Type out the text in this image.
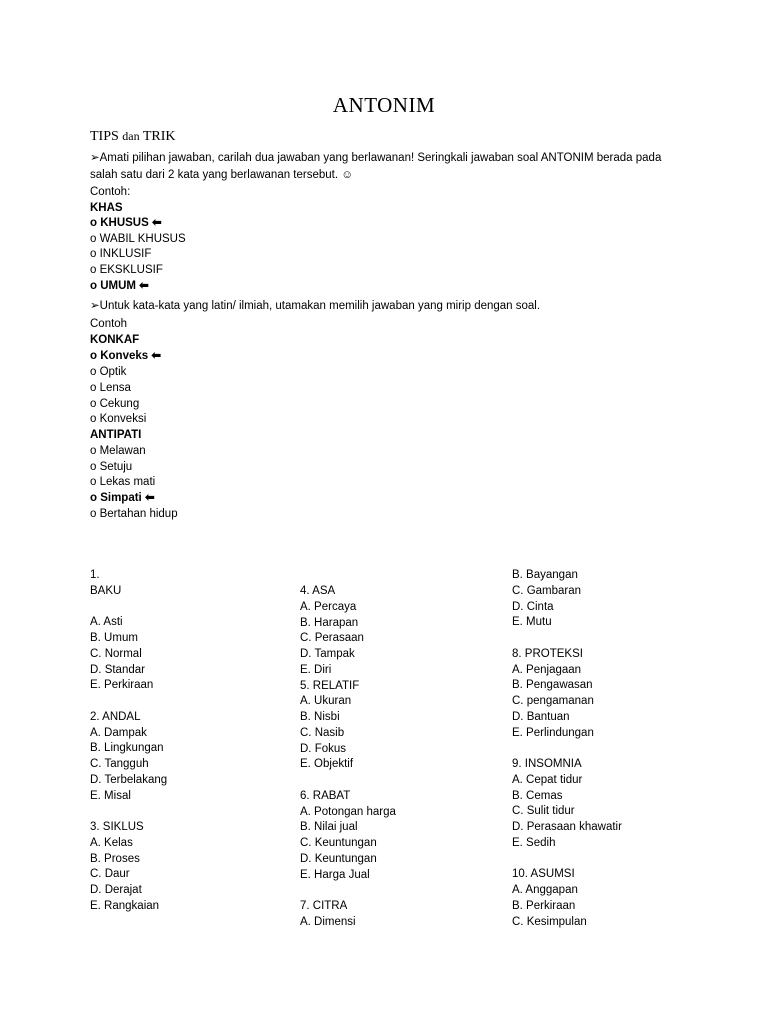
ANTONIM
TIPS dan TRIK
➢Amati pilihan jawaban, carilah dua jawaban yang berlawanan! Seringkali jawaban soal ANTONIM berada pada
salah satu dari 2 kata yang berlawanan tersebut. ☺
Contoh:
KHAS
o KHUSUS ⬅
o WABIL KHUSUS
o INKLUSIF
o EKSKLUSIF
o UMUM ⬅
➢Untuk kata-kata yang latin/ ilmiah, utamakan memilih jawaban yang mirip dengan soal.
Contoh
KONKAF
o Konveks ⬅
o Optik
o Lensa
o Cekung
o Konveksi
ANTIPATI
o Melawan
o Setuju
o Lekas mati
o Simpati ⬅
o Bertahan hidup
1.
BAKU
A. Asti
B. Umum
C. Normal
D. Standar
E. Perkiraan
2. ANDAL
A. Dampak
B. Lingkungan
C. Tangguh
D. Terbelakang
E. Misal
3. SIKLUS
A. Kelas
B. Proses
C. Daur
D. Derajat
E. Rangkaian
4. ASA
A. Percaya
B. Harapan
C. Perasaan
D. Tampak
E. Diri
5. RELATIF
A. Ukuran
B. Nisbi
C. Nasib
D. Fokus
E. Objektif
6. RABAT
A. Potongan harga
B. Nilai jual
C. Keuntungan
D. Keuntungan
E. Harga Jual
7. CITRA
A. Dimensi
B. Bayangan
C. Gambaran
D. Cinta
E. Mutu
8. PROTEKSI
A. Penjagaan
B. Pengawasan
C. pengamanan
D. Bantuan
E. Perlindungan
9. INSOMNIA
A. Cepat tidur
B. Cemas
C. Sulit tidur
D. Perasaan khawatir
E. Sedih
10. ASUMSI
A. Anggapan
B. Perkiraan
C. Kesimpulan
